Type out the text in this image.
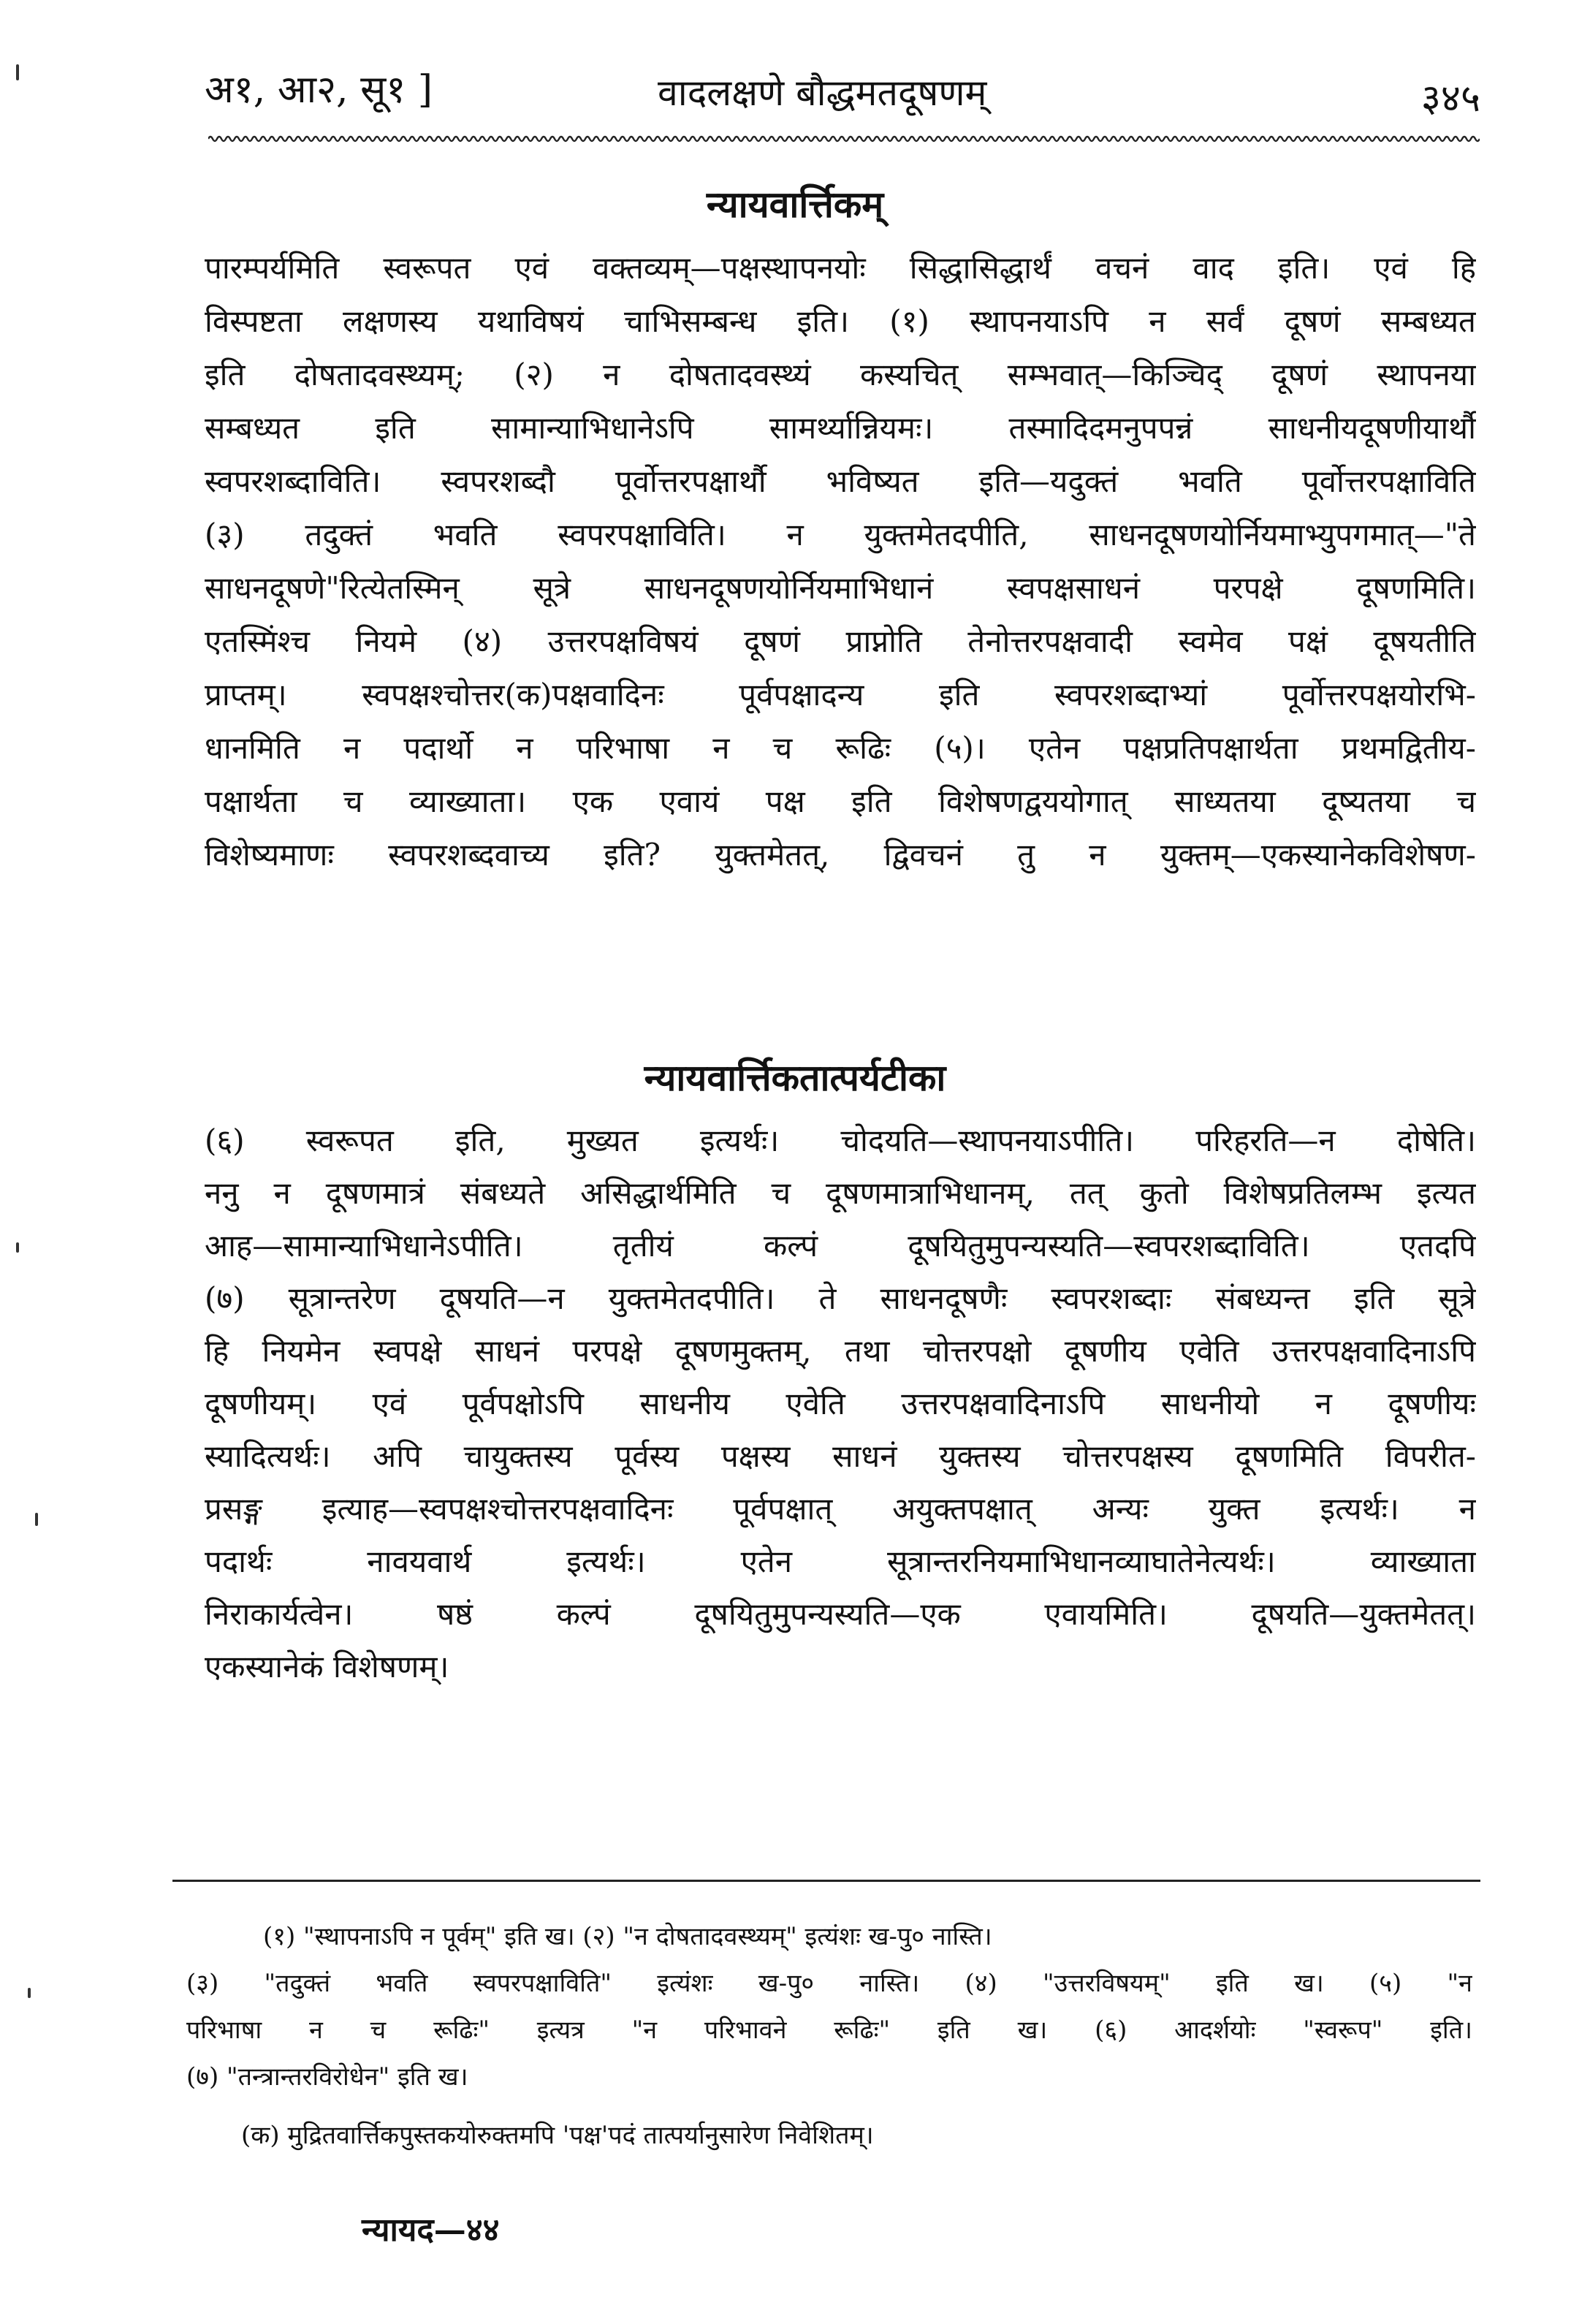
अ१, आ२, सू१ ]	वादलक्षणे बौद्धमतदूषणम्	३४५
न्यायवार्त्तिकम्
पारम्पर्यमिति स्वरूपत एवं वक्तव्यम्—पक्षस्थापनयोः सिद्धासिद्धार्थं वचनं वाद इति। एवं हि
विस्पष्टता लक्षणस्य यथाविषयं चाभिसम्बन्ध इति। (१) स्थापनयाऽपि न सर्वं दूषणं सम्बध्यत
इति दोषतादवस्थ्यम्; (२) न दोषतादवस्थ्यं कस्यचित् सम्भवात्—किञ्चिद् दूषणं स्थापनया
सम्बध्यत इति सामान्याभिधानेऽपि सामर्थ्यान्नियमः। तस्मादिदमनुपपन्नं साधनीयदूषणीयार्थौ
स्वपरशब्दाविति। स्वपरशब्दौ पूर्वोत्तरपक्षार्थौ भविष्यत इति—यदुक्तं भवति पूर्वोत्तरपक्षाविति
(३) तदुक्तं भवति स्वपरपक्षाविति। न युक्तमेतदपीति, साधनदूषणयोर्नियमाभ्युपगमात्—"ते
साधनदूषणे"रित्येतस्मिन् सूत्रे साधनदूषणयोर्नियमाभिधानं स्वपक्षसाधनं परपक्षे दूषणमिति।
एतस्मिंश्च नियमे (४) उत्तरपक्षविषयं दूषणं प्राप्नोति तेनोत्तरपक्षवादी स्वमेव पक्षं दूषयतीति
प्राप्तम्। स्वपक्षश्चोत्तर(क)पक्षवादिनः पूर्वपक्षादन्य इति स्वपरशब्दाभ्यां पूर्वोत्तरपक्षयोरभि-
धानमिति न पदार्थो न परिभाषा न च रूढिः (५)। एतेन पक्षप्रतिपक्षार्थता प्रथमद्वितीय-
पक्षार्थता च व्याख्याता। एक एवायं पक्ष इति विशेषणद्वययोगात् साध्यतया दूष्यतया च
विशेष्यमाणः स्वपरशब्दवाच्य इति? युक्तमेतत्, द्विवचनं तु न युक्तम्—एकस्यानेकविशेषण-
न्यायवार्त्तिकतात्पर्यटीका
(६) स्वरूपत इति, मुख्यत इत्यर्थः। चोदयति—स्थापनयाऽपीति। परिहरति—न दोषेति।
ननु न दूषणमात्रं संबध्यते असिद्धार्थमिति च दूषणमात्राभिधानम्, तत् कुतो विशेषप्रतिलम्भ इत्यत
आह—सामान्याभिधानेऽपीति। तृतीयं कल्पं दूषयितुमुपन्यस्यति—स्वपरशब्दाविति। एतदपि
(७) सूत्रान्तरेण दूषयति—न युक्तमेतदपीति। ते साधनदूषणैः स्वपरशब्दाः संबध्यन्त इति सूत्रे
हि नियमेन स्वपक्षे साधनं परपक्षे दूषणमुक्तम्, तथा चोत्तरपक्षो दूषणीय एवेति उत्तरपक्षवादिनाऽपि
दूषणीयम्। एवं पूर्वपक्षोऽपि साधनीय एवेति उत्तरपक्षवादिनाऽपि साधनीयो न दूषणीयः
स्यादित्यर्थः। अपि चायुक्तस्य पूर्वस्य पक्षस्य साधनं युक्तस्य चोत्तरपक्षस्य दूषणमिति विपरीत-
प्रसङ्ग इत्याह—स्वपक्षश्चोत्तरपक्षवादिनः पूर्वपक्षात् अयुक्तपक्षात् अन्यः युक्त इत्यर्थः। न
पदार्थः नावयवार्थ इत्यर्थः। एतेन सूत्रान्तरनियमाभिधानव्याघातेनेत्यर्थः। व्याख्याता
निराकार्यत्वेन। षष्ठं कल्पं दूषयितुमुपन्यस्यति—एक एवायमिति। दूषयति—युक्तमेतत्।
एकस्यानेकं विशेषणम्।
(१) "स्थापनाऽपि न पूर्वम्" इति ख। (२) "न दोषतादवस्थ्यम्" इत्यंशः ख-पु० नास्ति।
(३) "तदुक्तं भवति स्वपरपक्षाविति" इत्यंशः ख-पु० नास्ति। (४) "उत्तरविषयम्" इति ख। (५) "न
परिभाषा न च रूढिः" इत्यत्र "न परिभावने रूढिः" इति ख। (६) आदर्शयोः "स्वरूप" इति।
(७) "तन्त्रान्तरविरोधेन" इति ख।
(क) मुद्रितवार्त्तिकपुस्तकयोरुक्तमपि 'पक्ष'पदं तात्पर्यानुसारेण निवेशितम्।
न्यायद—४४
